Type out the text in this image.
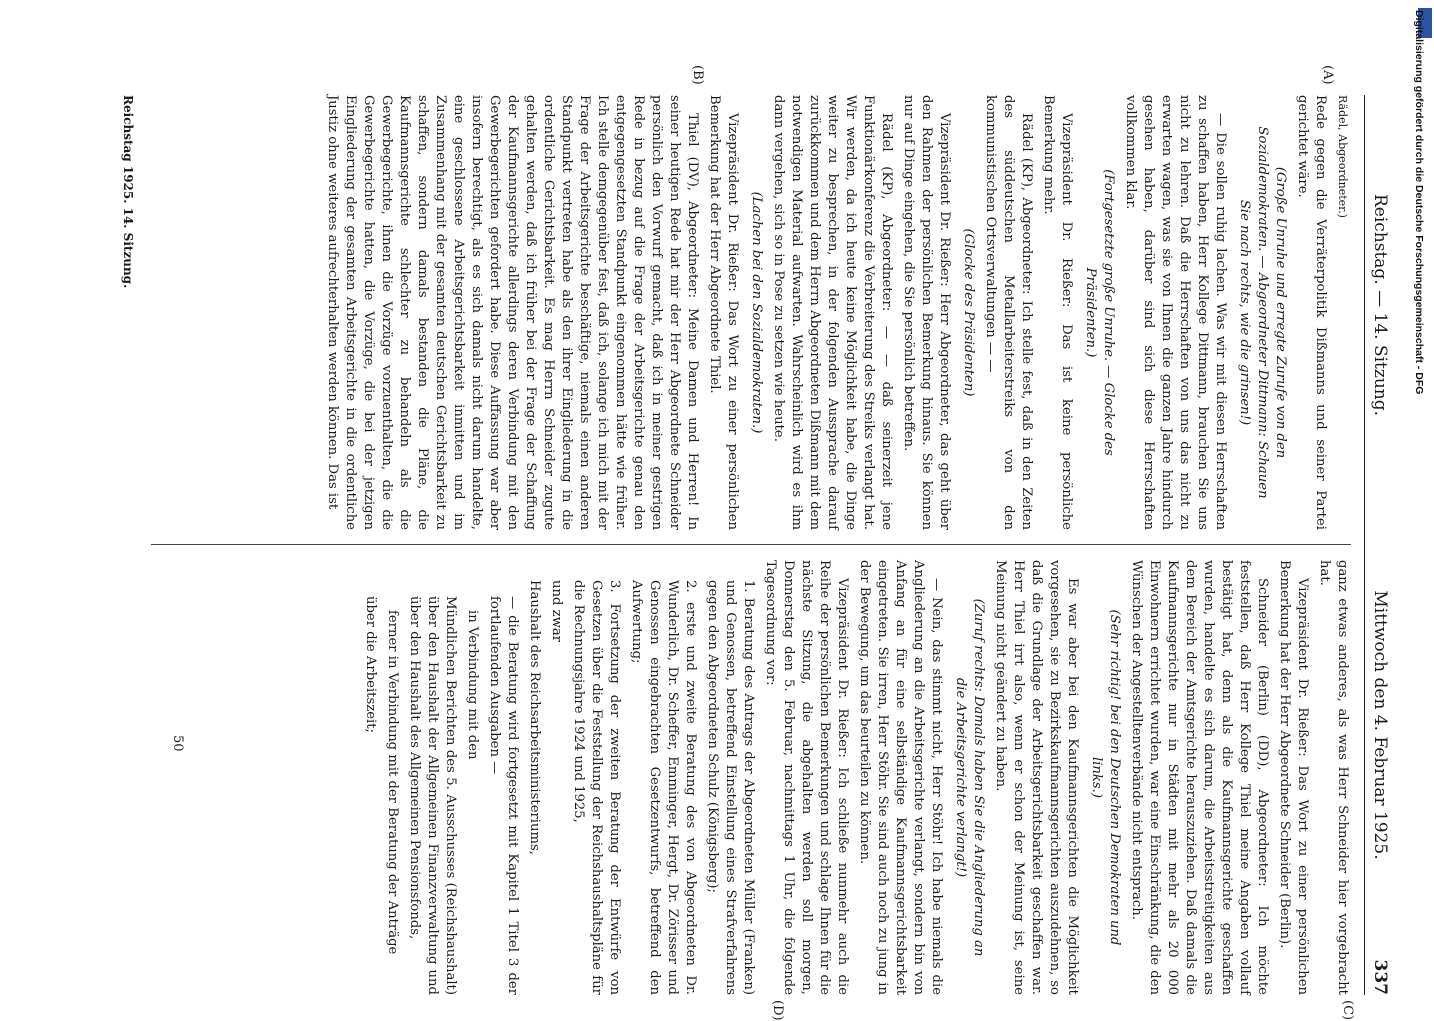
Reichstag. — 14. Sitzung.
Mittwoch den 4. Februar 1925.
337
(A)
(B)
(C)
(D)
Rädel, Abgeordneter.)

Rede gegen die Verräterpolitik Dißmanns und seiner Partei gerichtet wäre.

(Große Unruhe und erregte Zurufe von den Sozialdemokraten. — Abgeordneter Dittmann: Schauen Sie nach rechts, wie die grinsen!)

— Die sollen ruhig lachen. Was wir mit diesen Herrschaften zu schaffen haben, Herr Kollege Dittmann, brauchen Sie uns nicht zu lehren. Daß die Herrschaften von uns das nicht zu erwarten wagen, was sie von Ihnen die ganzen Jahre hindurch gesehen haben, darüber sind sich diese Herrschaften vollkommen klar.

(Fortgesetzte große Unruhe. — Glocke des Präsidenten.)

Vizepräsident Dr. Rießer: Das ist keine persönliche Bemerkung mehr.

Rädel (KP), Abgeordneter: Ich stelle fest, daß in den Zeiten des süddeutschen Metallarbeiterstreiks von den kommunistischen Ortsverwaltungen — —

(Glocke des Präsidenten)

Vizepräsident Dr. Rießer: Herr Abgeordneter, das geht über den Rahmen der persönlichen Bemerkung hinaus. Sie können nur auf Dinge eingehen, die Sie persönlich betreffen.

Rädel (KP), Abgeordneter: — — daß seinerzeit jene Funktionärkonferenz die Verbreiterung des Streiks verlangt hat. Wir werden, da ich heute keine Möglichkeit habe, die Dinge weiter zu besprechen, in der folgenden Aussprache darauf zurückkommen und dem Herrn Abgeordneten Dißmann mit dem notwendigen Material aufwarten. Wahrscheinlich wird es ihm dann vergehen, sich so in Pose zu setzen wie heute.

(Lachen bei den Sozialdemokraten.)

Vizepräsident Dr. Rießer: Das Wort zu einer persönlichen Bemerkung hat der Herr Abgeordnete Thiel.

Thiel (DV), Abgeordneter: Meine Damen und Herren! In seiner heutigen Rede hat mir der Herr Abgeordnete Schneider persönlich den Vorwurf gemacht, daß ich in meiner gestrigen Rede in bezug auf die Frage der Arbeitsgerichte genau den entgegengesetzten Standpunkt eingenommen hätte wie früher. Ich stelle demgegenüber fest, daß ich, solange ich mich mit der Frage der Arbeitsgerichte beschäftige, niemals einen anderen Standpunkt vertreten habe als den ihrer Eingliederung in die ordentliche Gerichtsbarkeit. Es mag Herrn Schneider zugute gehalten werden, daß ich früher bei der Frage der Schaffung der Kaufmannsgerichte allerdings deren Verbindung mit den Gewerbegerichten gefordert habe. Diese Auffassung war aber insofern berechtigt, als es sich damals nicht darum handelte, eine geschlossene Arbeitsgerichtsbarkeit inmitten und im Zusammenhang mit der gesamten deutschen Gerichtsbarkeit zu schaffen, sondern damals bestanden die Pläne, die Kaufmannsgerichte schlechter zu behandeln als die Gewerbegerichte, ihnen die Vorzüge vorzuenthalten, die die Gewerbegerichte hatten, die Vorzüge, die bei der jetzigen Eingliederung der gesamten Arbeitsgerichte in die ordentliche Justiz ohne weiteres aufrechterhalten werden können. Das ist

ganz etwas anderes, als was Herr Schneider hier vorgebracht hat.

Vizepräsident Dr. Rießer: Das Wort zu einer persönlichen Bemerkung hat der Herr Abgeordnete Schneider (Berlin).

Schneider (Berlin) (DD), Abgeordneter: Ich möchte feststellen, daß Herr Kollege Thiel meine Angaben vollauf bestätigt hat, denn als die Kaufmannsgerichte geschaffen wurden, handelte es sich darum, die Arbeitsstreitigkeiten aus dem Bereich der Amtsgerichte herauszuziehen. Daß damals die Kaufmannsgerichte nur in Städten mit mehr als 20 000 Einwohnern errichtet wurden, war eine Einschränkung, die den Wünschen der Angestelltenverbände nicht entsprach.

(Sehr richtig! bei den Deutschen Demokraten und links.)

Es war aber bei den Kaufmannsgerichten die Möglichkeit vorgesehen, sie zu Bezirkskaufmannsgerichten auszudehnen, so daß die Grundlage der Arbeitsgerichtsbarkeit geschaffen war. Herr Thiel irrt also, wenn er schon der Meinung ist, seine Meinung nicht geändert zu haben.

(Zuruf rechts: Damals haben Sie die Angliederung an die Arbeitsgerichte verlangt!)

— Nein, das stimmt nicht, Herr Stöhr! Ich habe niemals die Angliederung an die Arbeitsgerichte verlangt, sondern bin von Anfang an für eine selbständige Kaufmannsgerichtsbarkeit eingetreten. Sie irren, Herr Stöhr. Sie sind auch noch zu jung in der Bewegung, um das beurteilen zu können.

Vizepräsident Dr. Rießer: Ich schließe nunmehr auch die Reihe der persönlichen Bemerkungen und schlage Ihnen für die nächste Sitzung, die abgehalten werden soll morgen, Donnerstag den 5. Februar, nachmittags 1 Uhr, die folgende Tagesordnung vor:

1. Beratung des Antrags der Abgeordneten Müller (Franken) und Genossen, betreffend Einstellung eines Strafverfahrens gegen den Abgeordneten Schulz (Königsberg);

2. erste und zweite Beratung des von Abgeordneten Dr. Wunderlich, Dr. Scheffer, Emminger, Hergt, Dr. Zörisser und Genossen eingebrachten Gesetzentwurfs, betreffend den Aufwertung;

3. Fortsetzung der zweiten Beratung der Entwürfe von Gesetzen über die Feststellung der Reichshaushaltspläne für die Rechnungsjahre 1924 und 1925,

und zwar

Haushalt des Reichsarbeitsministeriums,

— die Beratung wird fortgesetzt mit Kapitel 1 Titel 3 der fortlaufenden Ausgaben —

in Verbindung mit den

Mündlichen Berichten des 5. Ausschusses (Reichshaushalt) über den Haushalt der Allgemeinen Finanzverwaltung und über den Haushalt des Allgemeinen Pensionsfonds,

ferner in Verbindung mit der Beratung der Anträge

über die Arbeitszeit;

50
Reichstag 1925. 14. Sitzung.	Digitalisierung gefördert durch die Deutsche Forschungsgemeinschaft - DFG
